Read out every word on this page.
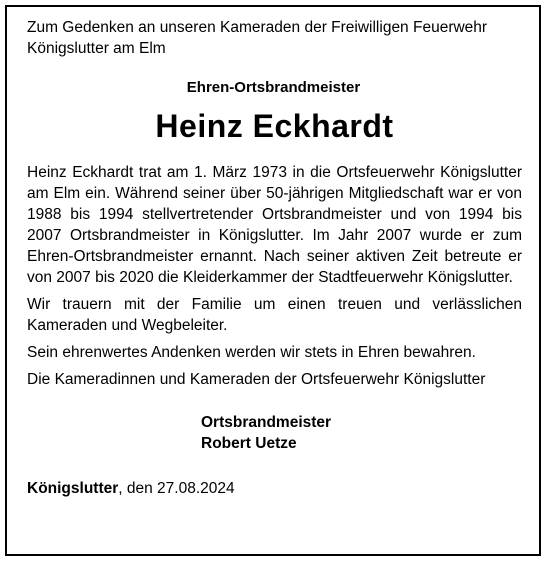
Zum Gedenken an unseren Kameraden der Freiwilligen Feuerwehr
Königslutter am Elm

Ehren-Ortsbrandmeister

Heinz Eckhardt

Heinz Eckhardt trat am 1. März 1973 in die Ortsfeuerwehr Königslutter am Elm ein. Während seiner über 50-jährigen Mitgliedschaft war er von 1988 bis 1994 stellvertretender Ortsbrandmeister und von 1994 bis 2007 Ortsbrandmeister in Königslutter. Im Jahr 2007 wurde er zum Ehren-Ortsbrandmeister ernannt. Nach seiner aktiven Zeit betreute er von 2007 bis 2020 die Kleiderkammer der Stadtfeuerwehr Königslutter.

Wir trauern mit der Familie um einen treuen und verlässlichen Kameraden und Wegbeleiter.

Sein ehrenwertes Andenken werden wir stets in Ehren bewahren.

Die Kameradinnen und Kameraden der Ortsfeuerwehr Königslutter

Ortsbrandmeister
Robert Uetze

Königslutter, den 27.08.2024
